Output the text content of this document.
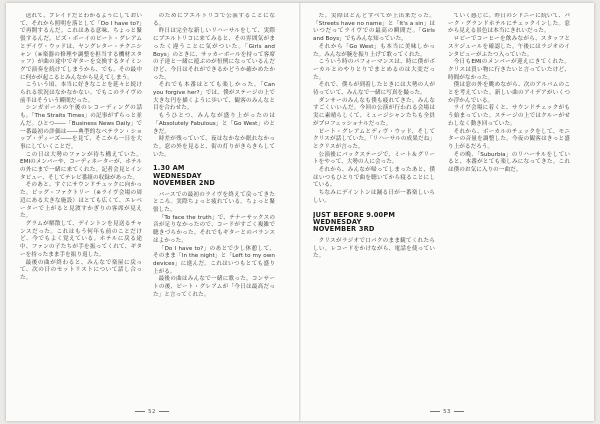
送れて、プレイドだとわかるようにしておいて、それから照明を落として「Do I have to?」で再開するんだ。これはある意味、ちょっと緊張するんだ。ビズ・ボーイのピート・グレアムとデイヴ・ウッドは、ヤングレター・テクニシャン（※楽器の修理や調整を担当する機材スタッフ）が曲の途中でギターを交換するタイミングで演奏を続けてしまうから、でも、その最中に何かが起こるとみんなから見えてしまう。

こういう頃、本当に好きなことを延々と続けられる状況はなかなかない。でもこのライヴの前半はそういう瞬間だった。

シンガポールの午後のレコーディングの話も。「The Straits Times」の記事がずらっと並んだ。ひとつ――「Business News Daily」で一番最初の評価は――典型的なベテラン・ショップ・ディーズ――を見て、そこから一日を大事にしていくことだ。

この日は大勢のファンが待ち構えていた。EMIのメンバーや、コーディネーターが、ホテルの外にまで一緒に来てくれた。記者会見とインタビュー、そしてテレビ番組の収録があった。

そのあと、すぐにサウンドチェックに向かった。ビッグ・ファクトリー（※ライヴ会場の周辺にある大きな施設）はとても広くて、エレベーターで上がると見渡すかぎりの客席が見えた。

グラムが解散して、デイントンを見送るチャンスだった。これはもう何年も前のことだけど、今でもよく覚えている。ホテルに戻る途中、ファンの子たちが手を振ってくれて、ギターを持ったまま手を振り返した。

最後の曲が終わると、みんなで楽屋に戻って、次の日のセットリストについて話し合った。

のためにプエルトリコで公演することになる。

昨日は完全な新しいリハーサルをして、実際にプエルトリコに来てみると、その雰囲気がまったく違うことに気がついた。「Girls and Boys」のときに、サッカーボールを持って客席の子達と一緒に遊ぶのが恒例になっているんだけど、今日はそれができるかどうか確かめたかった。

それでも本番はとても楽しかった。「Can you forgive her?」では、僕がステージの上で大きな円を描くように歩いて、観客のみんなと目を合わせた。

もうひとつ、みんなが盛り上がったのは「Absolutely Fabulous」と「Go West」のときだ。

時差が残っていて、夜はなかなか眠れなかった。窓の外を見ると、街の灯りがきらきらしていた。

1.30 AM
WEDNESDAY
NOVEMBER 2ND

バースでの最初のライヴを終えて戻ってきたところ。実際ちょっと疲れている。ちょっと緊張した。

「To face the truth」で、テナーサックスの音が足りなかったので、コードがすごく複雑で聴きづらかった。それでもギターとのバランスはよかった。

「Do I have to?」のあとで少し休憩して、そのまま「In the night」と「Left to my own devices」に進んだ。これはいつもとても盛り上がる。

最後の曲はみんなで一緒に歌った。コンサートの後、ピート・グレアムが「今日は最高だった」と言ってくれた。

52

た。実際はとんどすべてが上出来だった。「Streets have no name」と「It's a sin」はいつだってライヴでの最高の瞬間だ。「Girls and Boys」でもみんな知っていた。

それから「Go West」も本当に美味しかった。みんなが腕を振り上げて歌ってくれた。

こういう時のパフォーマンスは、時に僕がボーカルとのやりとりでまとめるのは大変だった。

それで、僕らが到着したときには大勢の人が待っていて、みんなで一緒に写真を撮った。

ダンサーのみんなも僕も疲れてきた。みんなすごくいいんだ。今回の公演が行われる会場は実に素晴らしくて、ミュージシャンたちも全員がプロフェッショナルだった。

ピート・グレアムとディヴ・ウッド、そしてクリスが話していた。「リハーサルの成果だね」とクリスが言った。

公演後にバックステージで、ミート＆グリートをやって、大勢の人に会った。

それから、みんなが帰ってしまったあと、僕はいつもひとりで曲を聴いてから寝ることにしている。

ちなみにデイントンは踊る日が一番楽しいらしい。

JUST BEFORE 9.00PM
WEDNESDAY
NOVEMBER 3RD

クリスがラジオで口パクのまま観てくれたらしい。レコードをかけながら、電話を使っていた。

ていく感じに。昨日のシドニーに続いて、パーク・グランドホテルにチェックインした。窓から見える景色は本当にきれいだった。

ロビーでコーヒーを飲みながら、スタッフとスケジュールを確認した。午後にはラジオのインタビューがふたつ入っていた。

今日もEMIのメンバーが迎えにきてくれた。クリスは買い物に行きたいと言っていたけど、時間がなかった。

僕は窓の外を眺めながら、次のアルバムのことを考えていた。新しい曲のアイデアがいくつか浮かんでいる。

ライヴ会場に着くと、サウンドチェックがもう始まっていた。ステージの上ではクルーがせわしなく動き回っていた。

それから、ボーカルのチェックをして、モニターの音量を調整した。今夜の観客はきっと盛り上がるだろう。

その晩、「Suburbia」のリハーサルをしていると、本番がとても楽しみになってきた。これは僕のお気に入りの一曲だ。

53
